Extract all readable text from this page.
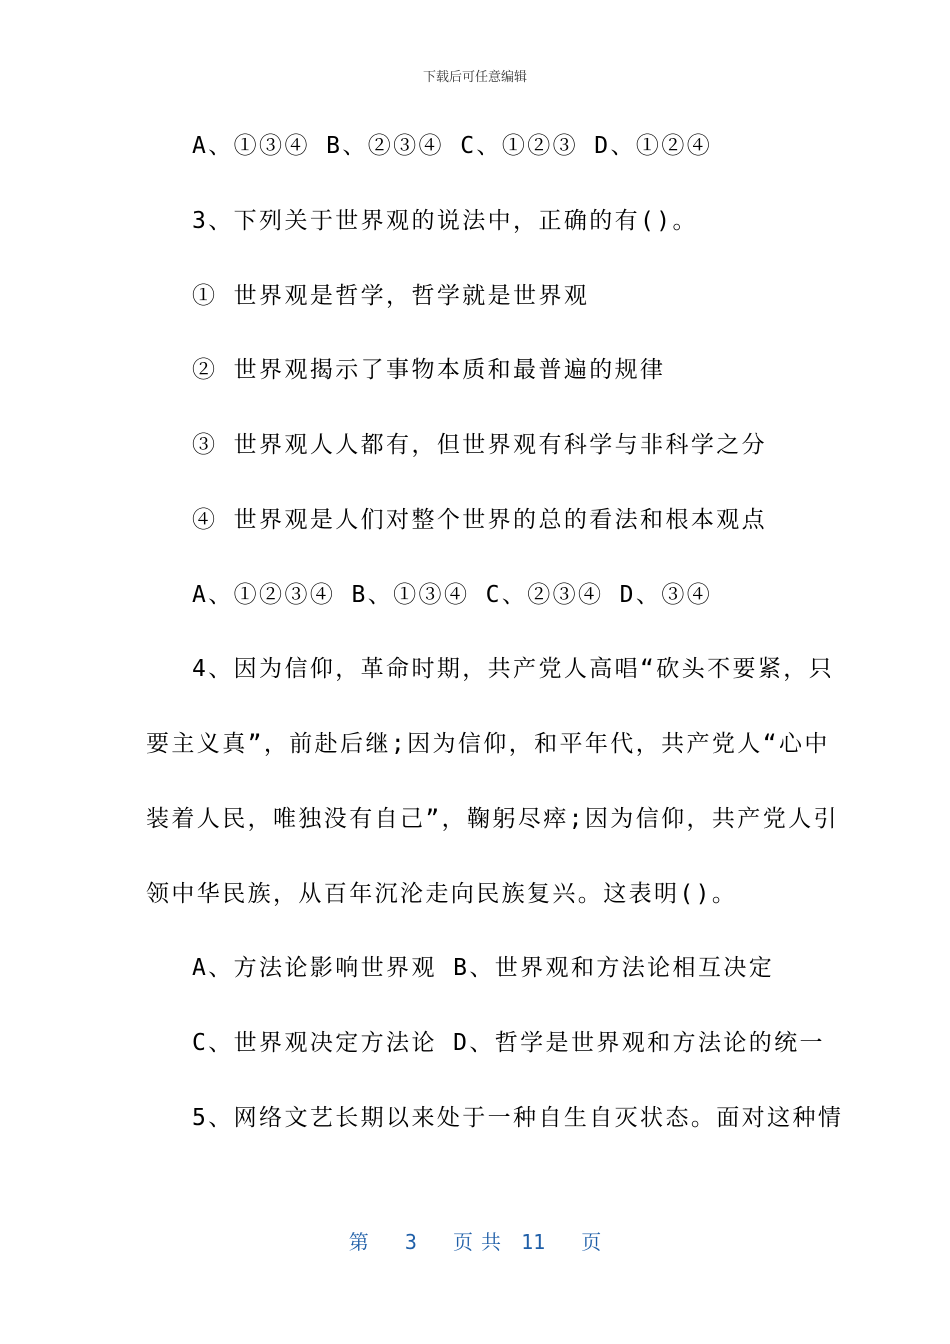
下载后可任意编辑
A、①③④ B、②③④ C、①②③ D、①②④
3、下列关于世界观的说法中，正确的有()。
① 世界观是哲学，哲学就是世界观
② 世界观揭示了事物本质和最普遍的规律
③ 世界观人人都有，但世界观有科学与非科学之分
④ 世界观是人们对整个世界的总的看法和根本观点
A、①②③④ B、①③④ C、②③④ D、③④
4、因为信仰，革命时期，共产党人高唱“砍头不要紧，只
要主义真”，前赴后继;因为信仰，和平年代，共产党人“心中
装着人民，唯独没有自己”，鞠躬尽瘁;因为信仰，共产党人引
领中华民族，从百年沉沦走向民族复兴。这表明()。
A、方法论影响世界观 B、世界观和方法论相互决定
C、世界观决定方法论 D、哲学是世界观和方法论的统一
5、网络文艺长期以来处于一种自生自灭状态。面对这种情
第 3 页共 11 页
